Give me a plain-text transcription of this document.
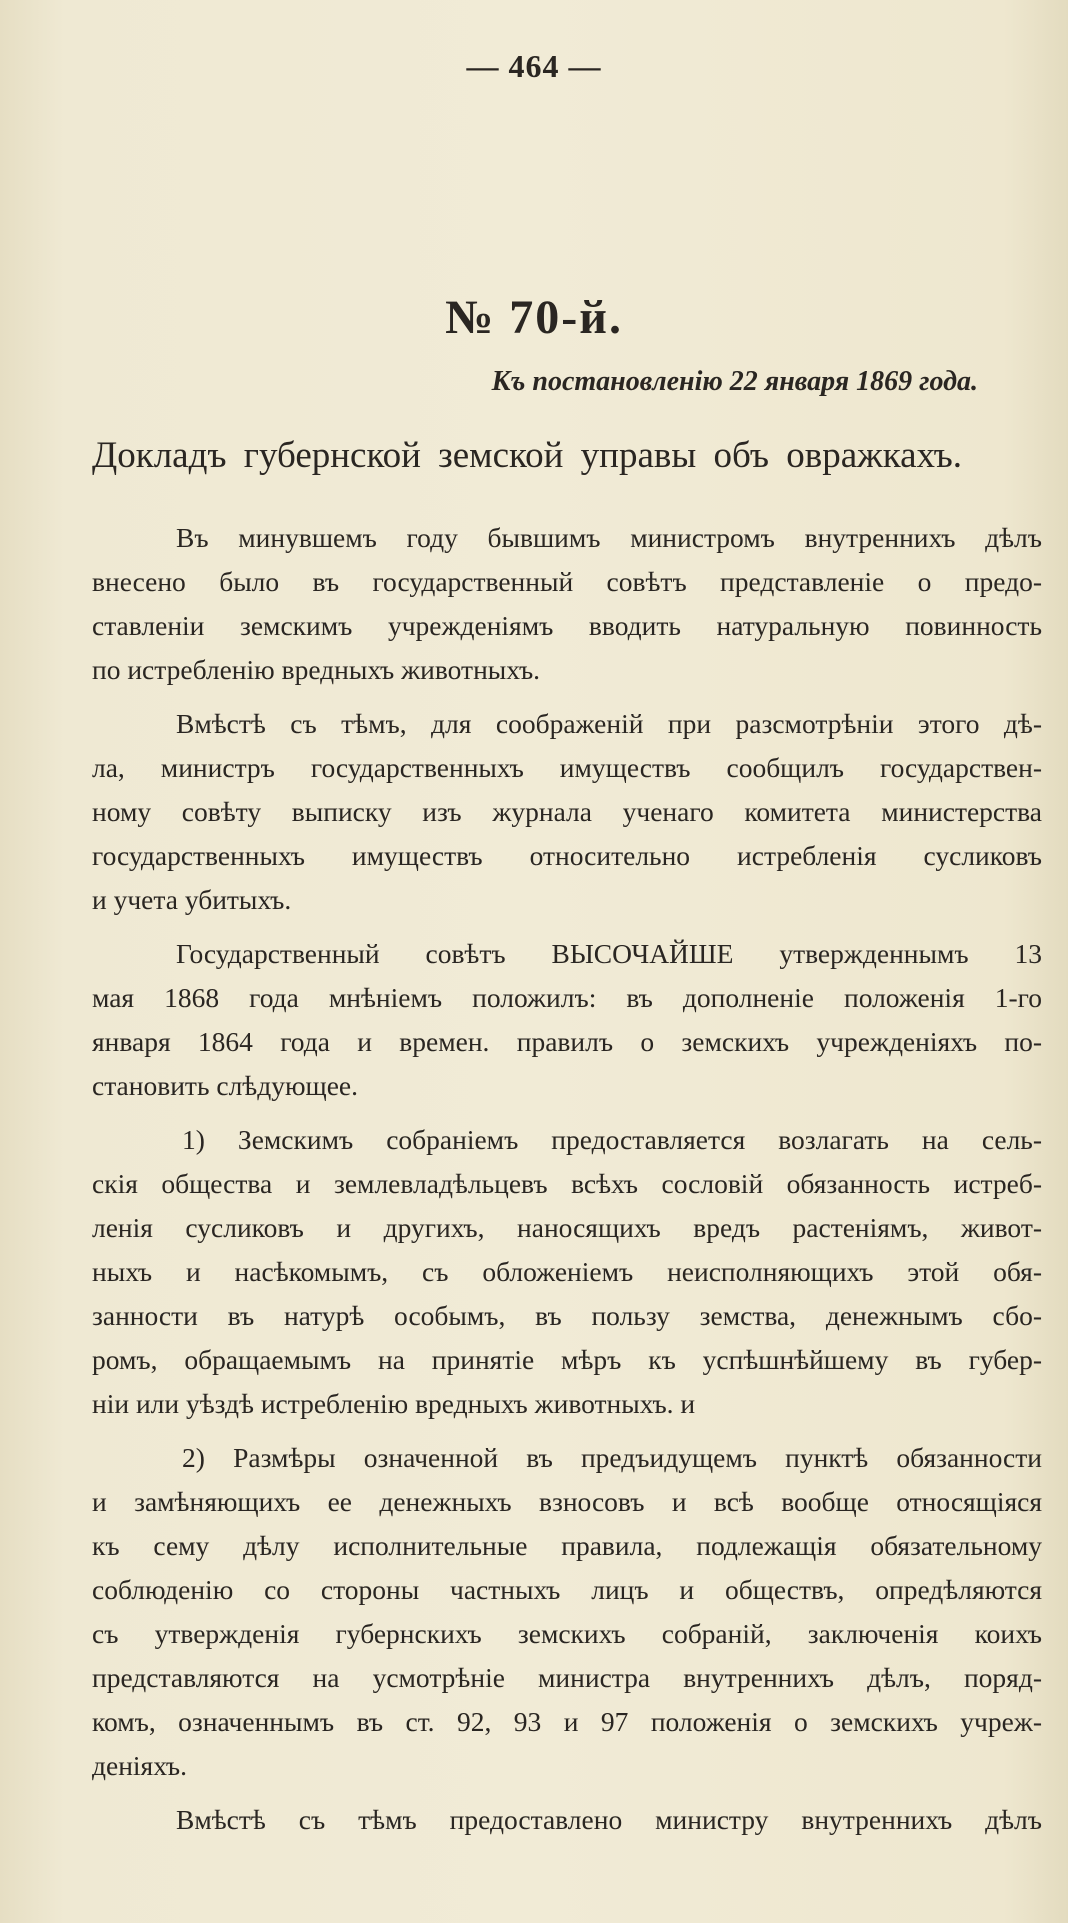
— 464 —
№ 70-й.
Къ постановленію 22 января 1869 года.
Докладъ губернской земской управы объ овражкахъ.
Въ минувшемъ году бывшимъ министромъ внутреннихъ дѣлъ
внесено было въ государственный совѣтъ представленіе о предо-
ставленіи земскимъ учрежденіямъ вводить натуральную повинность
по истребленію вредныхъ животныхъ.
Вмѣстѣ съ тѣмъ, для соображеній при разсмотрѣніи этого дѣ-
ла, министръ государственныхъ имуществъ сообщилъ государствен-
ному совѣту выписку изъ журнала ученаго комитета министерства
государственныхъ имуществъ относительно истребленія сусликовъ
и учета убитыхъ.
Государственный совѣтъ ВЫСОЧАЙШЕ утвержденнымъ 13
мая 1868 года мнѣніемъ положилъ: въ дополненіе положенія 1-го
января 1864 года и времен. правилъ о земскихъ учрежденіяхъ по-
становить слѣдующее.
1) Земскимъ собраніемъ предоставляется возлагать на сель-
скія общества и землевладѣльцевъ всѣхъ сословій обязанность истреб-
ленія сусликовъ и другихъ, наносящихъ вредъ растеніямъ, живот-
ныхъ и насѣкомымъ, съ обложеніемъ неисполняющихъ этой обя-
занности въ натурѣ особымъ, въ пользу земства, денежнымъ сбо-
ромъ, обращаемымъ на принятіе мѣръ къ успѣшнѣйшему въ губер-
ніи или уѣздѣ истребленію вредныхъ животныхъ. и
2) Размѣры означенной въ предъидущемъ пунктѣ обязанности
и замѣняющихъ ее денежныхъ взносовъ и всѣ вообще относящіяся
къ сему дѣлу исполнительные правила, подлежащія обязательному
соблюденію со стороны частныхъ лицъ и обществъ, опредѣляются
съ утвержденія губернскихъ земскихъ собраній, заключенія коихъ
представляются на усмотрѣніе министра внутреннихъ дѣлъ, поряд-
комъ, означеннымъ въ ст. 92, 93 и 97 положенія о земскихъ учреж-
деніяхъ.
Вмѣстѣ съ тѣмъ предоставлено министру внутреннихъ дѣлъ
